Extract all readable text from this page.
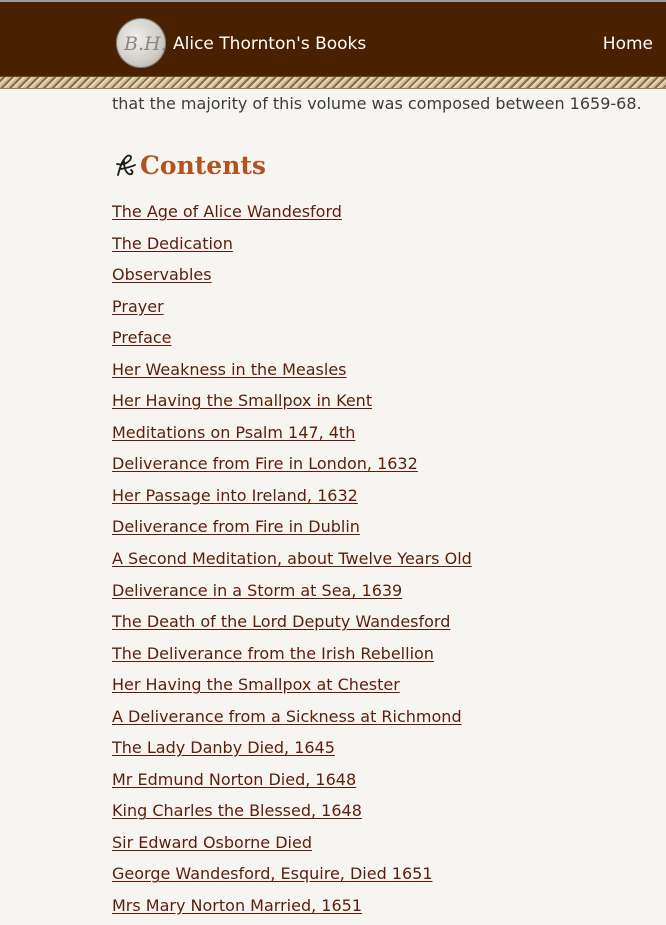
B.H. Alice Thornton's Books	Home
that the majority of this volume was composed between 1659-68.
Contents
The Age of Alice Wandesford
The Dedication
Observables
Prayer
Preface
Her Weakness in the Measles
Her Having the Smallpox in Kent
Meditations on Psalm 147, 4th
Deliverance from Fire in London, 1632
Her Passage into Ireland, 1632
Deliverance from Fire in Dublin
A Second Meditation, about Twelve Years Old
Deliverance in a Storm at Sea, 1639
The Death of the Lord Deputy Wandesford
The Deliverance from the Irish Rebellion
Her Having the Smallpox at Chester
A Deliverance from a Sickness at Richmond
The Lady Danby Died, 1645
Mr Edmund Norton Died, 1648
King Charles the Blessed, 1648
Sir Edward Osborne Died
George Wandesford, Esquire, Died 1651
Mrs Mary Norton Married, 1651
